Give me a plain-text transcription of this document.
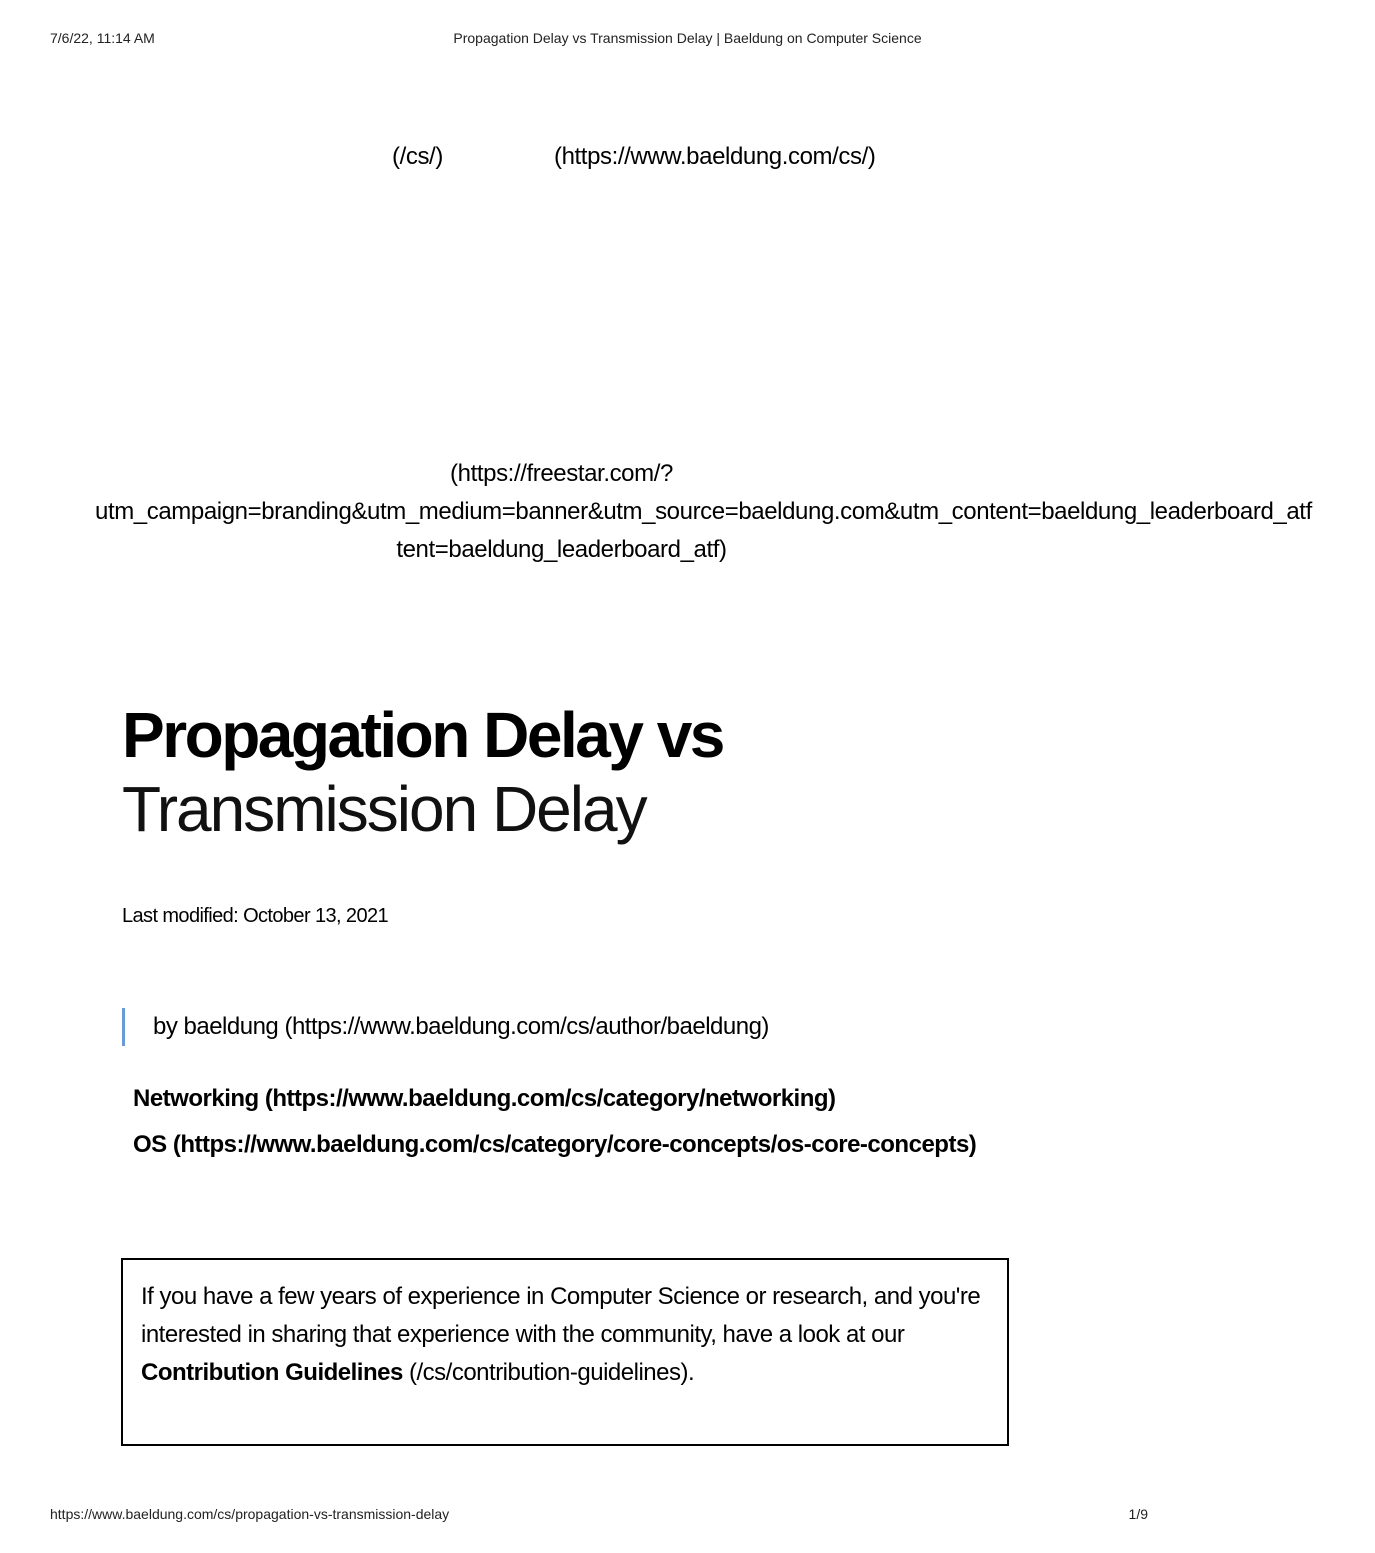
7/6/22, 11:14 AM	Propagation Delay vs Transmission Delay | Baeldung on Computer Science
(/cs/)	(https://www.baeldung.com/cs/)
(https://freestar.com/?
utm_campaign=branding&utm_medium=banner&utm_source=baeldung.com&utm_content=baeldung_leaderboard_atf
tent=baeldung_leaderboard_atf)
Propagation Delay vs
Transmission Delay
Last modified: October 13, 2021
by baeldung (https://www.baeldung.com/cs/author/baeldung)
Networking (https://www.baeldung.com/cs/category/networking)
OS (https://www.baeldung.com/cs/category/core-concepts/os-core-concepts)
If you have a few years of experience in Computer Science or research, and you're interested in sharing that experience with the community, have a look at our Contribution Guidelines (/cs/contribution-guidelines).
https://www.baeldung.com/cs/propagation-vs-transmission-delay	1/9
